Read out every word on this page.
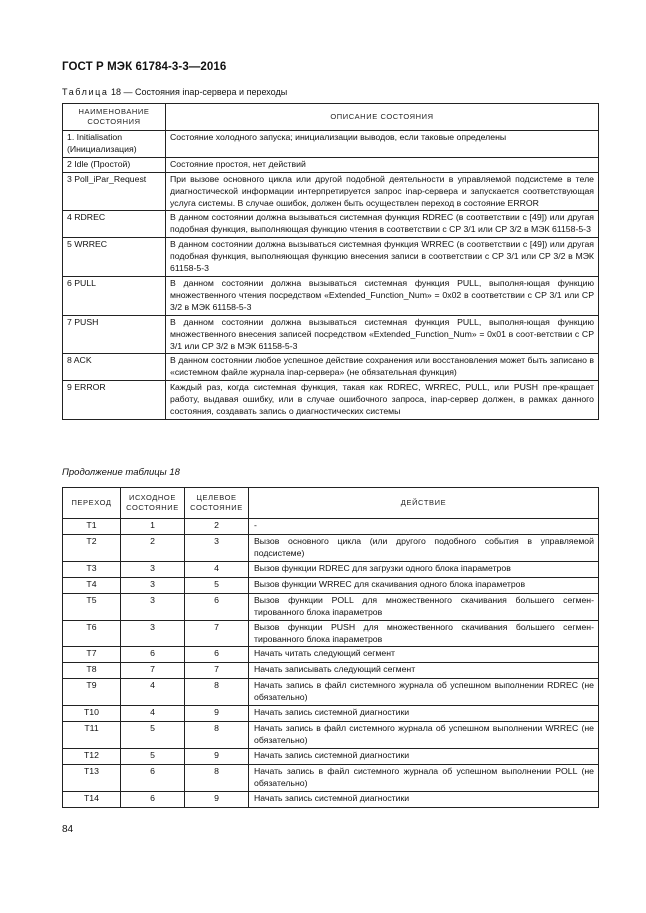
ГОСТ Р МЭК 61784-3-3—2016
Таблица 18 — Состояния inap-сервера и переходы
НАИМЕНОВАНИЕ СОСТОЯНИЯ	ОПИСАНИЕ СОСТОЯНИЯ
1. Initialisation (Инициализация)	Состояние холодного запуска; инициализации выводов, если таковые определены
2 Idle (Простой)	Состояние простоя, нет действий
3 Poll_iPar_Request	При вызове основного цикла или другой подобной деятельности в управляемой подсистеме в теле диагностической информации интерпретируется запрос inap-сервера и запускается соответствующая услуга системы. В случае ошибок, должен быть осуществлен переход в состояние ERROR
4 RDREC	В данном состоянии должна вызываться системная функция RDREC (в соответствии с [49]) или другая подобная функция, выполняющая функцию чтения в соответствии с CP 3/1 или CP 3/2 в МЭК 61158-5-3
5 WRREC	В данном состоянии должна вызываться системная функция WRREC (в соответствии с [49]) или другая подобная функция, выполняющая функцию внесения записи в соответствии с CP 3/1 или CP 3/2 в МЭК 61158-5-3
6 PULL	В данном состоянии должна вызываться системная функция PULL, выполня-ющая функцию множественного чтения посредством «Extended_Function_Num» = 0x02 в соответствии с CP 3/1 или CP 3/2 в МЭК 61158-5-3
7 PUSH	В данном состоянии должна вызываться системная функция PULL, выполня-ющая функцию множественного внесения записей посредством «Extended_Function_Num» = 0x01 в соот-ветствии с CP 3/1 или CP 3/2 в МЭК 61158-5-3
8 ACK	В данном состоянии любое успешное действие сохранения или восстановления может быть записано в «системном файле журнала inap-сервера» (не обязательная функция)
9 ERROR	Каждый раз, когда системная функция, такая как RDREC, WRREC, PULL, или PUSH пре-кращает работу, выдавая ошибку, или в случае ошибочного запроса, inap-сервер должен, в рамках данного состояния, создавать запись о диагностических системы
Продолжение таблицы 18
ПЕРЕХОД	ИСХОДНОЕ СОСТОЯНИЕ	ЦЕЛЕВОЕ СОСТОЯНИЕ	ДЕЙСТВИЕ
T1	1	2	-
T2	2	3	Вызов основного цикла (или другого подобного события в управляемой подсистеме)
T3	3	4	Вызов функции RDREC для загрузки одного блока iпараметров
T4	3	5	Вызов функции WRREC для скачивания одного блока iпараметров
T5	3	6	Вызов функции POLL для множественного скачивания большего сегмен-тированного блока iпараметров
T6	3	7	Вызов функции PUSH для множественного скачивания большего сегмен-тированного блока iпараметров
T7	6	6	Начать читать следующий сегмент
T8	7	7	Начать записывать следующий сегмент
T9	4	8	Начать запись в файл системного журнала об успешном выполнении RDREC (не обязательно)
T10	4	9	Начать запись системной диагностики
T11	5	8	Начать запись в файл системного журнала об успешном выполнении WRREC (не обязательно)
T12	5	9	Начать запись системной диагностики
T13	6	8	Начать запись в файл системного журнала об успешном выполнении POLL (не обязательно)
T14	6	9	Начать запись системной диагностики
84
